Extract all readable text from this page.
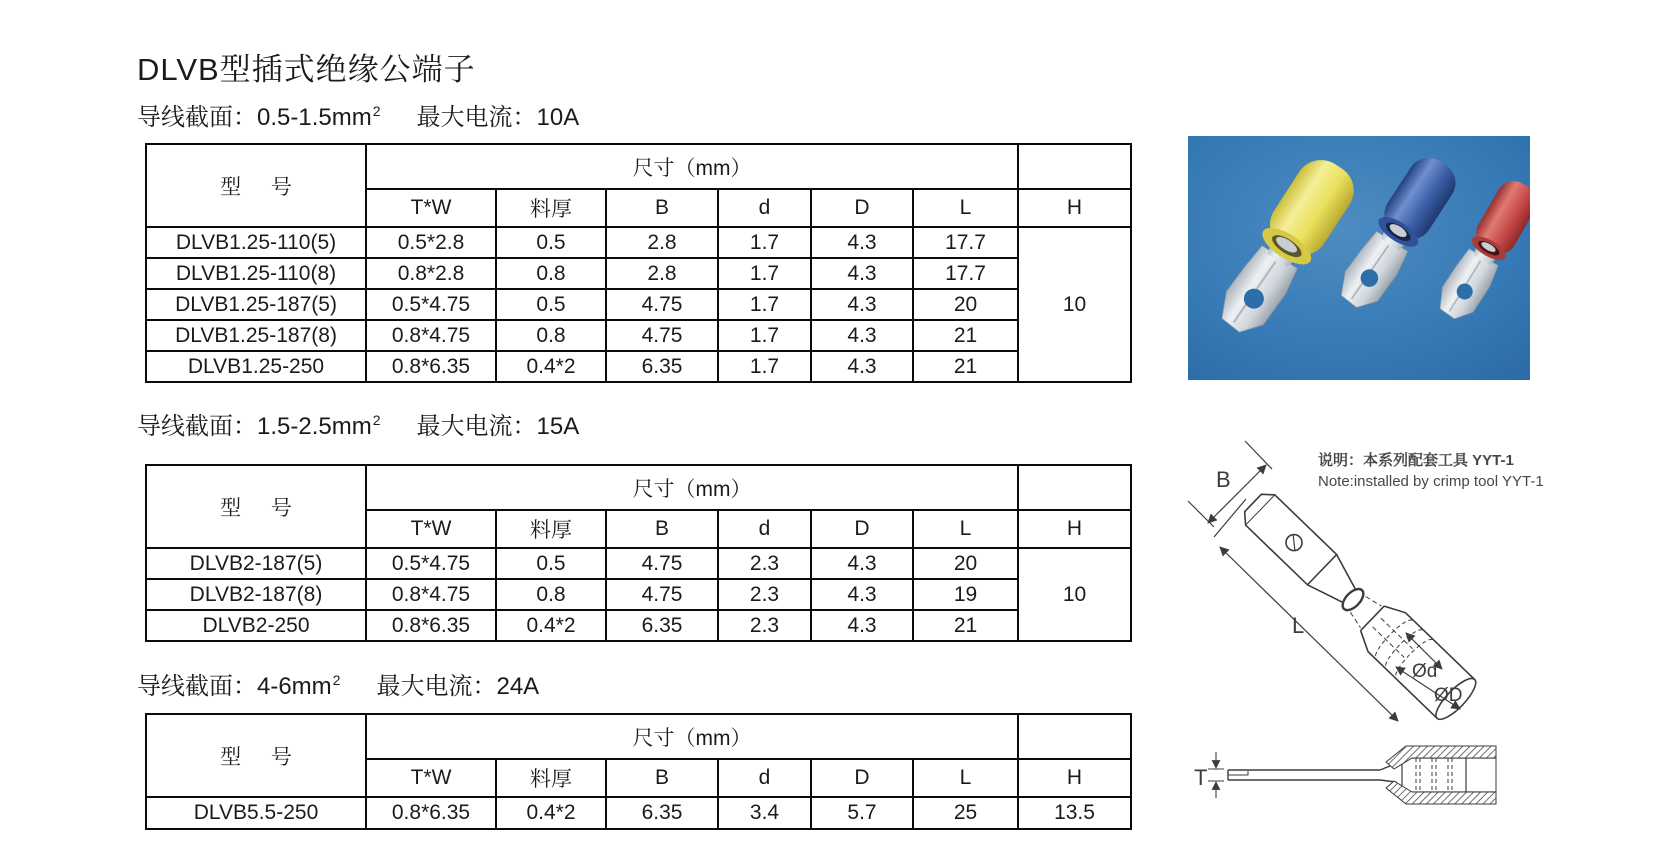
DLVB型插式绝缘公端子
导线截面：$0.5-1.5mm^2$ 最大电流：10A
型 号	尺寸（mm）						
	T*W	料厚	B	d	D	L	H
DLVB1.25-110(5)	0.5*2.8	0.5	2.8	1.7	4.3	17.7	10
DLVB1.25-110(8)	0.8*2.8	0.8	2.8	1.7	4.3	17.7	
DLVB1.25-187(5)	0.5*4.75	0.5	4.75	1.7	4.3	20	
DLVB1.25-187(8)	0.8*4.75	0.8	4.75	1.7	4.3	21	
DLVB1.25-250	0.8*6.35	0.4*2	6.35	1.7	4.3	21	
导线截面：$1.5-2.5mm^2$ 最大电流：15A
型 号	尺寸（mm）						
	T*W	料厚	B	d	D	L	H
DLVB2-187(5)	0.5*4.75	0.5	4.75	2.3	4.3	20	10
DLVB2-187(8)	0.8*4.75	0.8	4.75	2.3	4.3	19	
DLVB2-250	0.8*6.35	0.4*2	6.35	2.3	4.3	21	
导线截面：$4-6mm^2$ 最大电流：24A
型 号	尺寸（mm）						
	T*W	料厚	B	d	D	L	H
DLVB5.5-250	0.8*6.35	0.4*2	6.35	3.4	5.7	25	13.5
说明：本系列配套工具 YYT-1
Note:installed by crimp tool YYT-1
B
L
Ød
ØD
T
